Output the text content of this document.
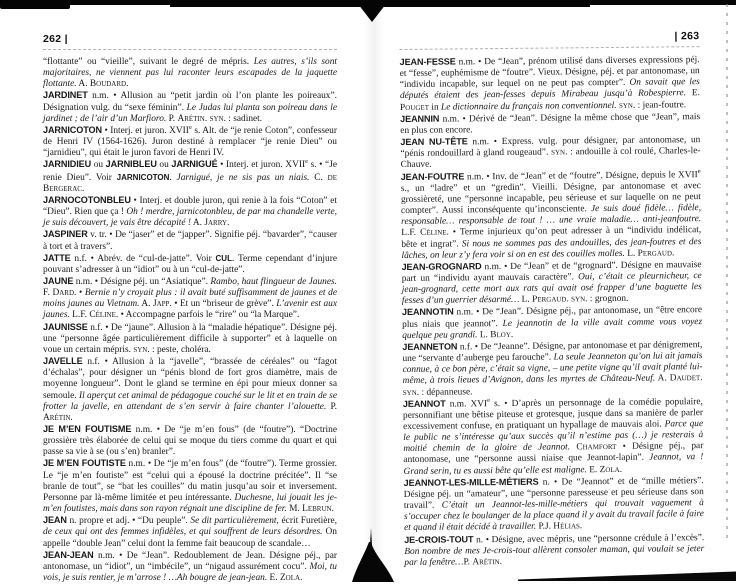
262 |

“flottante” ou “vieille”, suivant le degré de mépris. Les autres, s’ils sont majoritaires, ne viennent pas lui raconter leurs escapades de la jaquette flottante. A. Boudard.

JARDINET n.m. • Allusion au “petit jardin où l’on plante les poireaux”. Désignation vulg. du “sexe féminin”. Le Judas lui planta son poireau dans le jardinet ; de l’air d’un Marfioro. P. Arétin. syn. : sadinet.

JARNICOTON • Interj. et juron. XVIIe s. Alt. de “je renie Coton”, confesseur de Henri IV (1564-1626). Juron destiné à remplacer “je renie Dieu” ou “jarnidieu”, qui était le juron favori de Henri IV.

JARNIDIEU ou JARNIBLEU ou JARNIGUÉ • Interj. et juron. XVIIe s. • “Je renie Dieu”. Voir JARNICOTON. Jarnigué, je ne sis pas un niais. C. de Bergerac.

JARNOCOTONBLEU • Interj. et double juron, qui renie à la fois “Coton” et “Dieu”. Rien que ça ! Oh ! merdre, jarnicotonbleu, de par ma chandelle verte, je suis découvert, je vais être décapité ! A. Jarry.

JASPINER v. tr. • De “jaser” et de “japper”. Signifie péj. “bavarder”, “causer à tort et à travers”.

JATTE n.f. • Abrév. de “cul-de-jatte”. Voir CUL. Terme cependant d’injure pouvant s’adresser à un “idiot” ou à un “cul-de-jatte”.

JAUNE n.m. • Désigne péj. un “Asiatique”. Rambo, haut flingueur de Jaunes. F. Dard. • Bernie n’y croyait plus : il avait buté suffisamment de jaunes et de moins jaunes au Vietnam. A. Japp. • Et un “briseur de grève”. L’avenir est aux jaunes. L.F. Céline. • Accompagne parfois le “rire” ou “la Marque”.

JAUNISSE n.f. • De “jaune”. Allusion à la “maladie hépatique”. Désigne péj. une “personne âgée particulièrement difficile à supporter” et à laquelle on voue un certain mépris. syn. : peste, choléra.

JAVELLE n.f. • Allusion à la “javelle”, “brassée de céréales” ou “fagot d’échalas”, pour désigner un “pénis blond de fort gros diamètre, mais de moyenne longueur”. Dont le gland se termine en épi pour mieux donner sa semoule. Il aperçut cet animal de pédagogue couché sur le lit et en train de se frotter la javelle, en attendant de s’en servir à faire chanter l’alouette. P. Arétin.

JE M’EN FOUTISME n.m. • De “je m’en fous” (de “foutre”). “Doctrine grossière très élaborée de celui qui se moque du tiers comme du quart et qui passe sa vie à se (ou s’en) branler”.

JE M’EN FOUTISTE n.m. • De “je m’en fous” (de “foutre”). Terme grossier. Le “je m’en foutiste” est “celui qui a épousé la doctrine précitée”. Il “se branle de tout”, se “bat les couilles” du matin jusqu’au soir et inversement. Personne par là-même limitée et peu intéressante. Duchesne, lui jouait les je-m’en foutistes, mais dans son rayon régnait une discipline de fer. M. Lebrun.

JEAN n. propre et adj. • “Du peuple”. Se dit particulièrement, écrit Furetière, de ceux qui ont des femmes infidèles, et qui souffrent de leurs désordres. On appelle “double Jean” celui dont la femme fait beaucoup de scandale…

JEAN-JEAN n.m. • De “Jean”. Redoublement de Jean. Désigne péj., par antonomase, un “idiot”, un “imbécile”, un “nigaud assurément cocu”. Moi, tu vois, je suis rentier, je m’arrose ! …Ah bougre de jean-jean. E. Zola.

| 263

JEAN-FESSE n.m. • De “Jean”, prénom utilisé dans diverses expressions péj. et “fesse”, euphémisme de “foutre”. Vieux. Désigne, péj. et par antonomase, un “individu incapable, sur lequel on ne peut pas compter”. On savait que les députés étaient des jean-fesses depuis Mirabeau jusqu’à Robespierre. E. Pouget in Le dictionnaire du français non conventionnel. syn. : jean-foutre.

JEANNIN n.m. • Dérivé de “Jean”. Désigne la même chose que “Jean”, mais en plus con encore.

JEAN NU-TÊTE n.m. • Express. vulg. pour désigner, par antonomase, un “pénis rondouillard à gland rougeaud”. syn. : andouille à col roulé, Charles-le-Chauve.

JEAN-FOUTRE n.m. • Inv. de “Jean” et de “foutre”. Désigne, depuis le XVIIe s., un “ladre” et un “gredin”. Vieilli. Désigne, par antonomase et avec grossièreté, une “personne incapable, peu sérieuse et sur laquelle on ne peut compter”. Aussi inconséquente qu’inconsciente. Je suis doué fidèle… fidèle, responsable… responsable de tout ! … une vraie maladie… anti-jeanfoutre. L.F. Céline. • Terme injurieux qu’on peut adresser à un “individu indélicat, bête et ingrat”. Si nous ne sommes pas des andouilles, des jean-foutres et des lâches, on leur z’y fera voir si on en est des couilles molles. L. Pergaud.

JEAN-GROGNARD n.m. • De “Jean” et de “grognard”. Désigne en mauvaise part un “individu ayant mauvais caractère”. Oui, c’était ce pleurnicheur, ce jean-grognard, cette mort aux rats qui avait osé frapper d’une baguette les fesses d’un guerrier désarmé… L. Pergaud. syn. : grognon.

JEANNOTIN n.m. • De “Jean”. Désigne péj., par antonomase, un “être encore plus niais que jeannot”. Le jeannotin de la ville avait comme vous voyez quelque peu grandi. L. Bloy.

JEANNETON n.f. • De “Jeanne”. Désigne, par antonomase et par dénigrement, une “servante d’auberge peu farouche”. La seule Jeanneton qu’on lui ait jamais connue, à ce bon père, c’était sa vigne, – une petite vigne qu’il avait planté lui-même, à trois lieues d’Avignon, dans les myrtes de Château-Neuf. A. Daudet. syn. : dépanneuse.

JEANNOT n.m. XVIe s. • D’après un personnage de la comédie populaire, personnifiant une bêtise piteuse et grotesque, jusque dans sa manière de parler excessivement confuse, en pratiquant un hypallage de mauvais aloi. Parce que le public ne s’intéresse qu’aux succès qu’il n’estime pas (…) je resterais à moitié chemin de la gloire de Jeannot. Chamfort • Désigne péj., par antonomase, une “personne aussi niaise que Jeannot-lapin”. Jeannot, va ! Grand serin, tu es aussi bête qu’elle est maligne. E. Zola.

JEANNOT-LES-MILLE-MÉTIERS n. • De “Jeannot” et de “mille métiers”. Désigne péj. un “amateur”, une “personne paresseuse et peu sérieuse dans son travail”. C’était un Jeannot-les-mille-métiers qui trouvait vaguement à s’occuper chez le boulanger de la place quand il y avait du travail facile à faire et quand il était décidé à travailler. P.J. Hélias.

JE-CROIS-TOUT n. • Désigne, avec mépris, une “personne crédule à l’excès”. Bon nombre de mes Je-crois-tout allèrent consoler maman, qui voulait se jeter par la fenêtre…P. Arétin.
